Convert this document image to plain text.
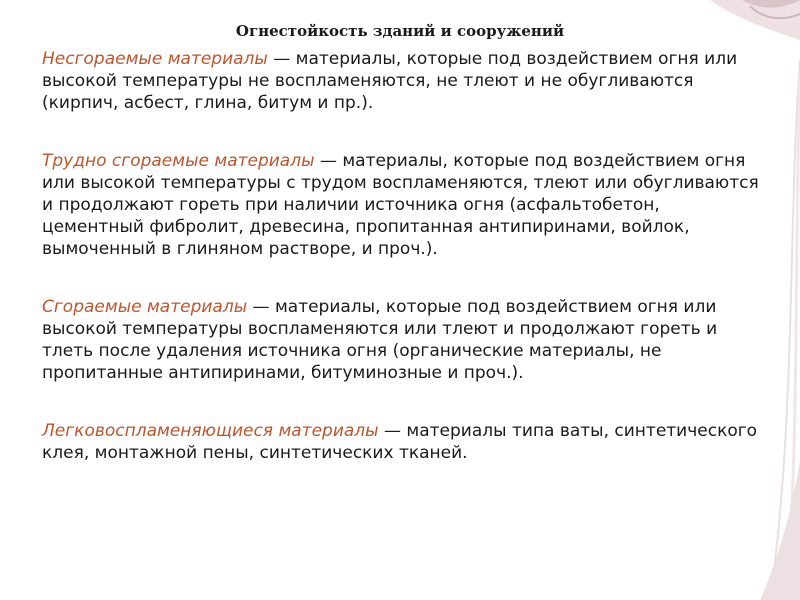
Огнестойкость зданий и сооружений

Несгораемые материалы — материалы, которые под воздействием огня или высокой температуры не воспламеняются, не тлеют и не обугливаются (кирпич, асбест, глина, битум и пр.).

Трудно сгораемые материалы — материалы, которые под воздействием огня или высокой температуры с трудом воспламеняются, тлеют или обугливаются и продолжают гореть при наличии источника огня (асфальтобетон, цементный фибролит, древесина, пропитанная антипиринами, войлок, вымоченный в глиняном растворе, и проч.).

Сгораемые материалы — материалы, которые под воздействием огня или высокой температуры воспламеняются или тлеют и продолжают гореть и тлеть после удаления источника огня (органические материалы, не пропитанные антипиринами, битуминозные и проч.).

Легковоспламеняющиеся материалы — материалы типа ваты, синтетического клея, монтажной пены, синтетических тканей.
